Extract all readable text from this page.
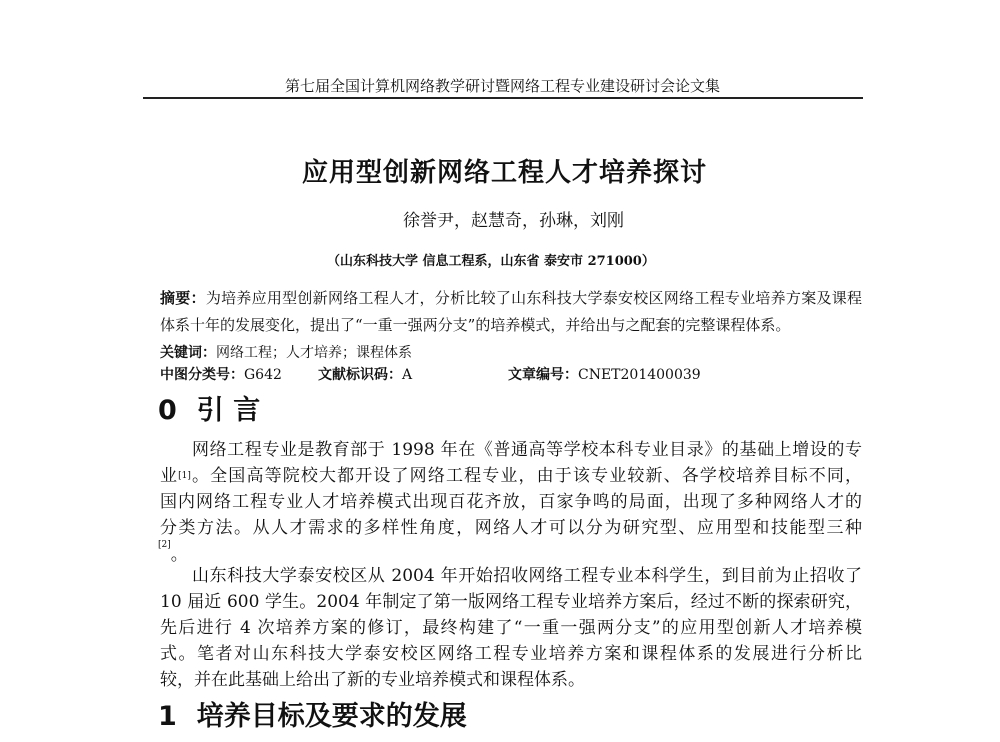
第七届全国计算机网络教学研讨暨网络工程专业建设研讨会论文集
应用型创新网络工程人才培养探讨
徐誉尹，赵慧奇，孙琳，刘刚
（山东科技大学 信息工程系，山东省 泰安市 271000）
摘要：为培养应用型创新网络工程人才，分析比较了山东科技大学泰安校区网络工程专业培养方案及课程
体系十年的发展变化，提出了“一重一强两分支”的培养模式，并给出与之配套的完整课程体系。
关键词：网络工程；人才培养；课程体系
中图分类号：G642	文献标识码：A	文章编号：CNET201400039
0 引 言
网络工程专业是教育部于 1998 年在《普通高等学校本科专业目录》的基础上增设的专
业[1]。全国高等院校大都开设了网络工程专业，由于该专业较新、各学校培养目标不同，
国内网络工程专业人才培养模式出现百花齐放，百家争鸣的局面，出现了多种网络人才的
分类方法。从人才需求的多样性角度，网络人才可以分为研究型、应用型和技能型三种
[2]。
山东科技大学泰安校区从 2004 年开始招收网络工程专业本科学生，到目前为止招收了
10 届近 600 学生。2004 年制定了第一版网络工程专业培养方案后，经过不断的探索研究，
先后进行 4 次培养方案的修订，最终构建了“一重一强两分支”的应用型创新人才培养模
式。笔者对山东科技大学泰安校区网络工程专业培养方案和课程体系的发展进行分析比
较，并在此基础上给出了新的专业培养模式和课程体系。
1 培养目标及要求的发展
